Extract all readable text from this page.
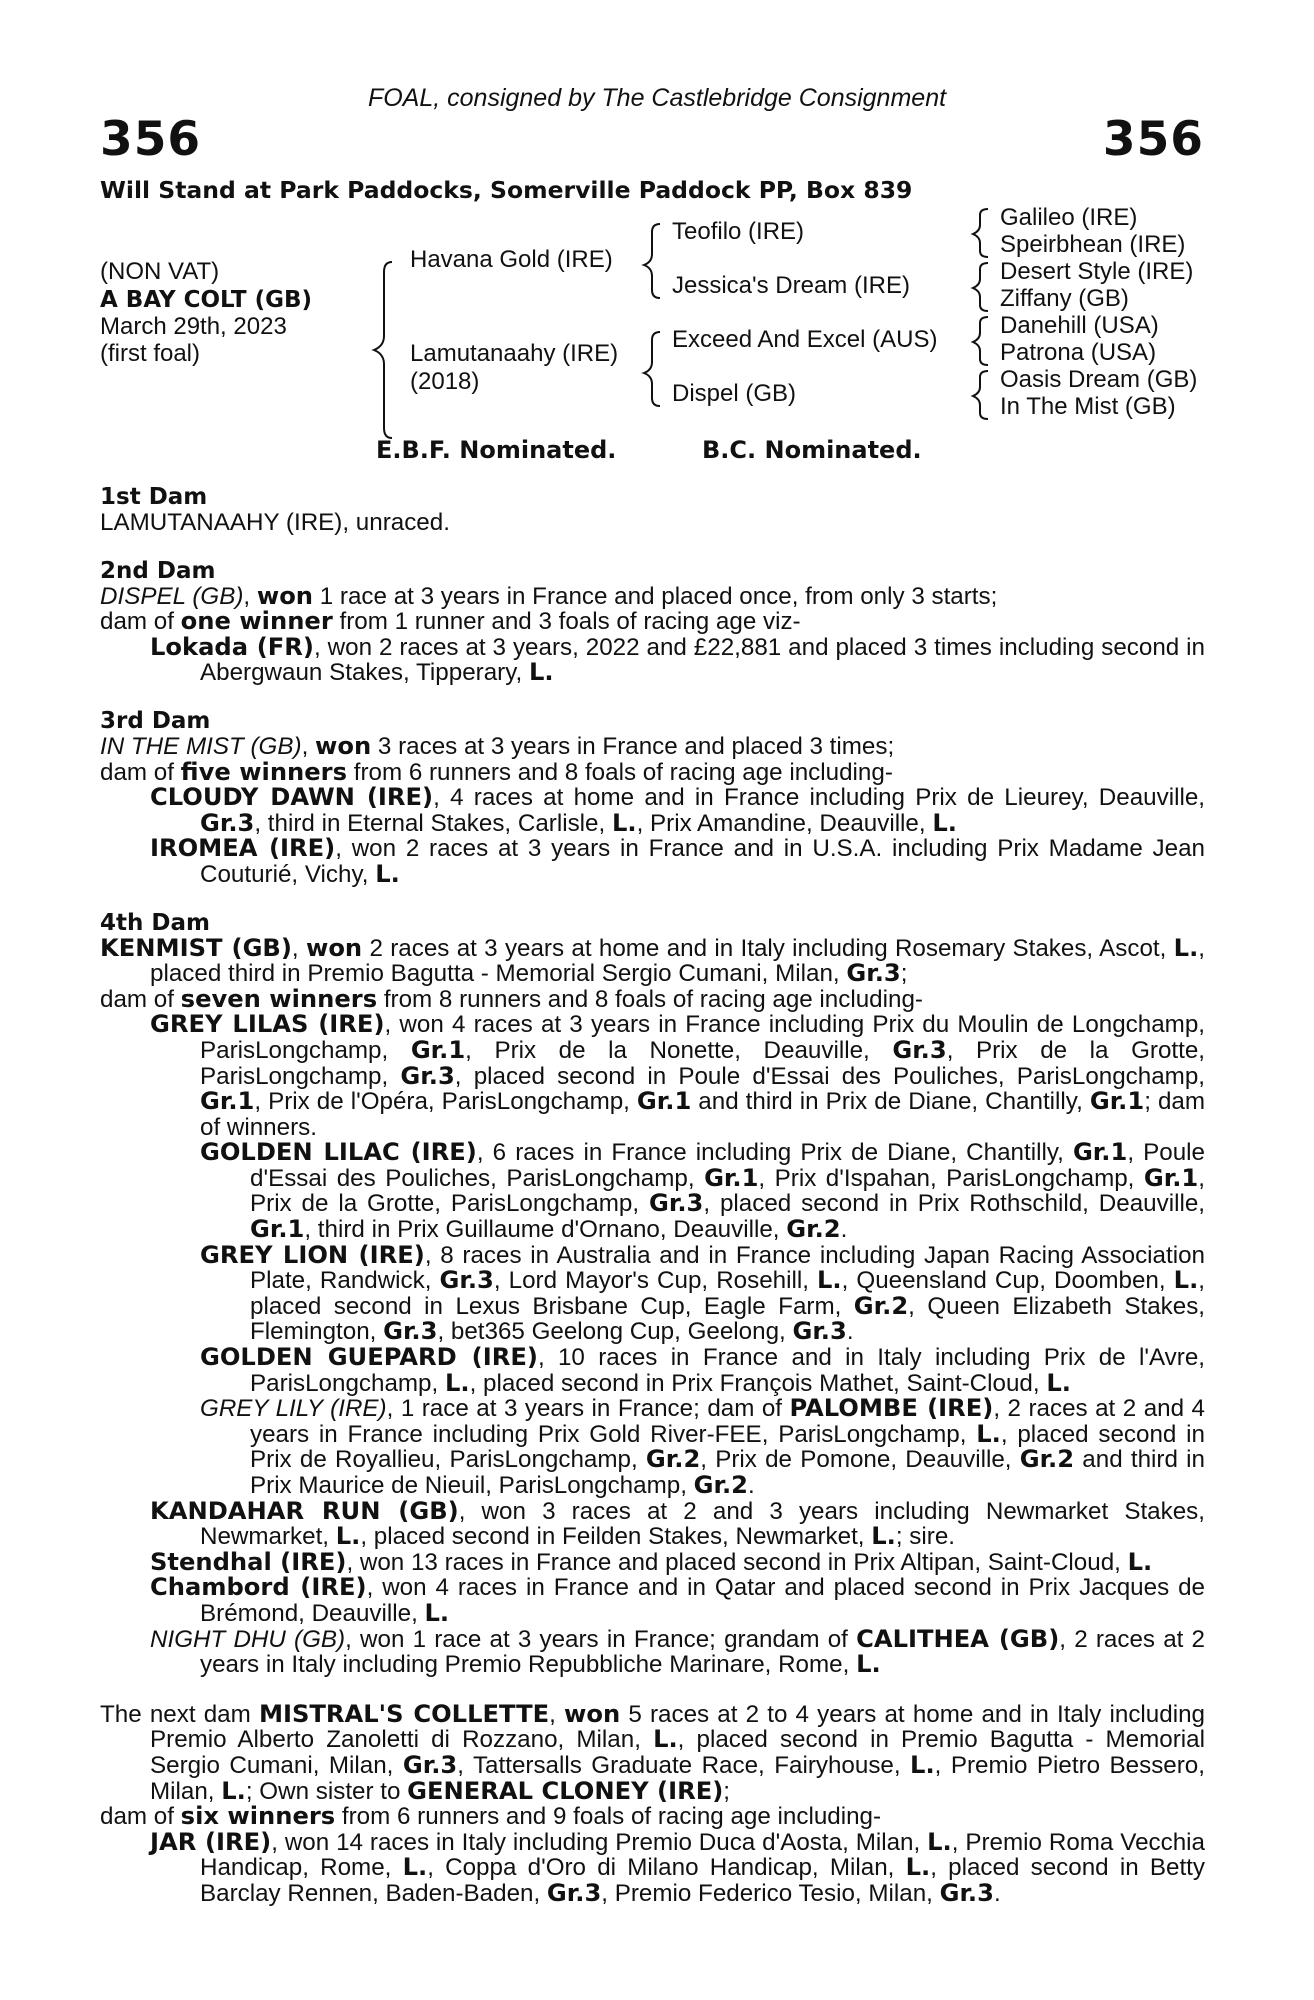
FOAL, consigned by The Castlebridge Consignment
356	356
Will Stand at Park Paddocks, Somerville Paddock PP, Box 839
(NON VAT)
A BAY COLT (GB)
March 29th, 2023
(first foal)
Havana Gold (IRE)
Lamutanaahy (IRE)
(2018)
Teofilo (IRE)
Jessica's Dream (IRE)
Exceed And Excel (AUS)
Dispel (GB)
Galileo (IRE)
Speirbhean (IRE)
Desert Style (IRE)
Ziffany (GB)
Danehill (USA)
Patrona (USA)
Oasis Dream (GB)
In The Mist (GB)
E.B.F. Nominated.	B.C. Nominated.
1st Dam

LAMUTANAAHY (IRE), unraced.

2nd Dam

DISPEL (GB), won 1 race at 3 years in France and placed once, from only 3 starts;

dam of one winner from 1 runner and 3 foals of racing age viz-

Lokada (FR), won 2 races at 3 years, 2022 and £22,881 and placed 3 times including second in Abergwaun Stakes, Tipperary, L.

3rd Dam

IN THE MIST (GB), won 3 races at 3 years in France and placed 3 times;

dam of five winners from 6 runners and 8 foals of racing age including-

CLOUDY DAWN (IRE), 4 races at home and in France including Prix de Lieurey, Deauville, Gr.3, third in Eternal Stakes, Carlisle, L., Prix Amandine, Deauville, L.

IROMEA (IRE), won 2 races at 3 years in France and in U.S.A. including Prix Madame Jean Couturié, Vichy, L.

4th Dam

KENMIST (GB), won 2 races at 3 years at home and in Italy including Rosemary Stakes, Ascot, L., placed third in Premio Bagutta - Memorial Sergio Cumani, Milan, Gr.3;

dam of seven winners from 8 runners and 8 foals of racing age including-

GREY LILAS (IRE), won 4 races at 3 years in France including Prix du Moulin de Longchamp, ParisLongchamp, Gr.1, Prix de la Nonette, Deauville, Gr.3, Prix de la Grotte, ParisLongchamp, Gr.3, placed second in Poule d'Essai des Pouliches, ParisLongchamp, Gr.1, Prix de l'Opéra, ParisLongchamp, Gr.1 and third in Prix de Diane, Chantilly, Gr.1; dam of winners.

GOLDEN LILAC (IRE), 6 races in France including Prix de Diane, Chantilly, Gr.1, Poule d'Essai des Pouliches, ParisLongchamp, Gr.1, Prix d'Ispahan, ParisLongchamp, Gr.1, Prix de la Grotte, ParisLongchamp, Gr.3, placed second in Prix Rothschild, Deauville, Gr.1, third in Prix Guillaume d'Ornano, Deauville, Gr.2.

GREY LION (IRE), 8 races in Australia and in France including Japan Racing Association Plate, Randwick, Gr.3, Lord Mayor's Cup, Rosehill, L., Queensland Cup, Doomben, L., placed second in Lexus Brisbane Cup, Eagle Farm, Gr.2, Queen Elizabeth Stakes, Flemington, Gr.3, bet365 Geelong Cup, Geelong, Gr.3.

GOLDEN GUEPARD (IRE), 10 races in France and in Italy including Prix de l'Avre, ParisLongchamp, L., placed second in Prix François Mathet, Saint-Cloud, L.

GREY LILY (IRE), 1 race at 3 years in France; dam of PALOMBE (IRE), 2 races at 2 and 4 years in France including Prix Gold River-FEE, ParisLongchamp, L., placed second in Prix de Royallieu, ParisLongchamp, Gr.2, Prix de Pomone, Deauville, Gr.2 and third in Prix Maurice de Nieuil, ParisLongchamp, Gr.2.

KANDAHAR RUN (GB), won 3 races at 2 and 3 years including Newmarket Stakes, Newmarket, L., placed second in Feilden Stakes, Newmarket, L.; sire.

Stendhal (IRE), won 13 races in France and placed second in Prix Altipan, Saint-Cloud, L.

Chambord (IRE), won 4 races in France and in Qatar and placed second in Prix Jacques de Brémond, Deauville, L.

NIGHT DHU (GB), won 1 race at 3 years in France; grandam of CALITHEA (GB), 2 races at 2 years in Italy including Premio Repubbliche Marinare, Rome, L.

The next dam MISTRAL'S COLLETTE, won 5 races at 2 to 4 years at home and in Italy including Premio Alberto Zanoletti di Rozzano, Milan, L., placed second in Premio Bagutta - Memorial Sergio Cumani, Milan, Gr.3, Tattersalls Graduate Race, Fairyhouse, L., Premio Pietro Bessero, Milan, L.; Own sister to GENERAL CLONEY (IRE);

dam of six winners from 6 runners and 9 foals of racing age including-

JAR (IRE), won 14 races in Italy including Premio Duca d'Aosta, Milan, L., Premio Roma Vecchia Handicap, Rome, L., Coppa d'Oro di Milano Handicap, Milan, L., placed second in Betty Barclay Rennen, Baden-Baden, Gr.3, Premio Federico Tesio, Milan, Gr.3.
